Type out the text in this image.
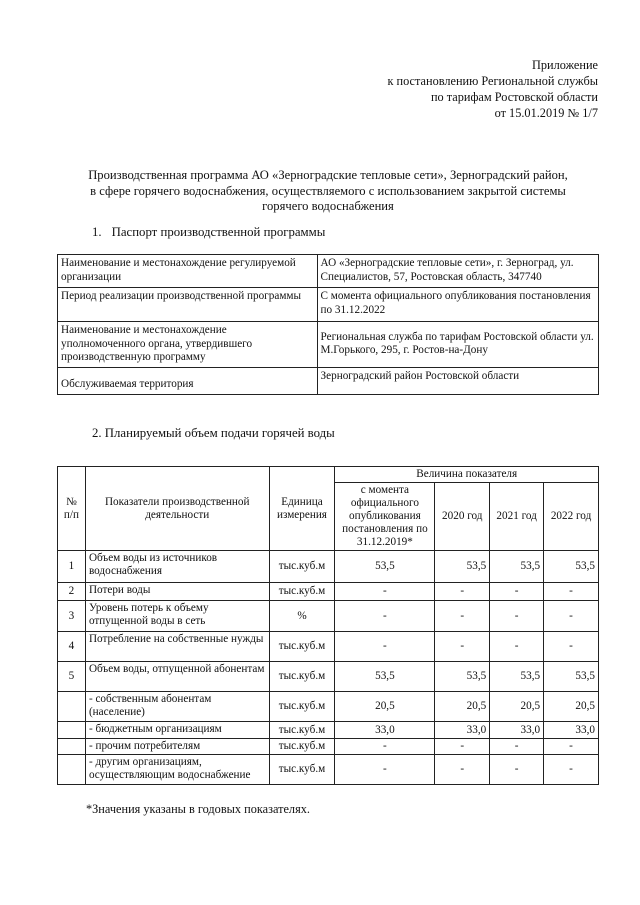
Приложение
к постановлению Региональной службы
по тарифам Ростовской области
от 15.01.2019 № 1/7
Производственная программа АО «Зерноградские тепловые сети», Зерноградский район,
в сфере горячего водоснабжения, осуществляемого с использованием закрытой системы
горячего водоснабжения
1. Паспорт производственной программы
Наименование и местонахождение регулируемой организации	АО «Зерноградские тепловые сети», г. Зерноград, ул. Специалистов, 57, Ростовская область, 347740
Период реализации производственной программы	С момента официального опубликования постановления по 31.12.2022
Наименование и местонахождение уполномоченного органа, утвердившего производственную программу	Региональная служба по тарифам Ростовской области ул. М.Горького, 295, г. Ростов-на-Дону
Обслуживаемая территория	Зерноградский район Ростовской области
2. Планируемый объем подачи горячей воды
№ п/п	Показатели производственной деятельности	Единица измерения	Величина показателя			
			с момента официального опубликования постановления по 31.12.2019*	2020 год	2021 год	2022 год
1	Объем воды из источников водоснабжения	тыс.куб.м	53,5	53,5	53,5	53,5
2	Потери воды	тыс.куб.м	-	-	-	-
3	Уровень потерь к объему отпущенной воды в сеть	%	-	-	-	-
4	Потребление на собственные нужды	тыс.куб.м	-	-	-	-
5	Объем воды, отпущенной абонентам	тыс.куб.м	53,5	53,5	53,5	53,5
	- собственным абонентам (население)	тыс.куб.м	20,5	20,5	20,5	20,5
	- бюджетным организациям	тыс.куб.м	33,0	33,0	33,0	33,0
	- прочим потребителям	тыс.куб.м	-	-	-	-
	- другим организациям, осуществляющим водоснабжение	тыс.куб.м	-	-	-	-
*Значения указаны в годовых показателях.
